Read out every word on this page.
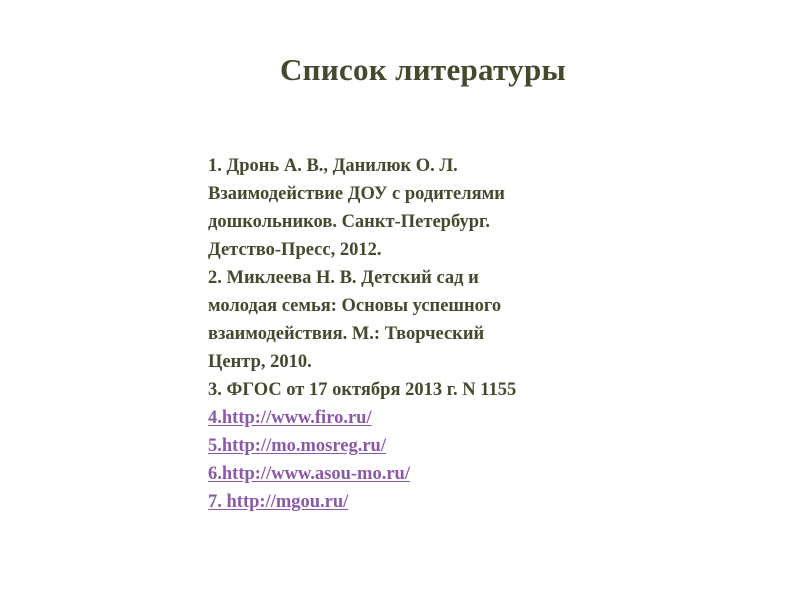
Список литературы
1. Дронь А. В., Данилюк О. Л.
Взаимодействие ДОУ с родителями
дошкольников. Санкт-Петербург.
Детство-Пресс, 2012.
2. Миклеева Н. В. Детский сад и
молодая семья: Основы успешного
взаимодействия. М.: Творческий
Центр, 2010.
3. ФГОС от 17 октября 2013 г. N 1155
4.http://www.firo.ru/
5.http://mo.mosreg.ru/
6.http://www.asou-mo.ru/
7. http://mgou.ru/
